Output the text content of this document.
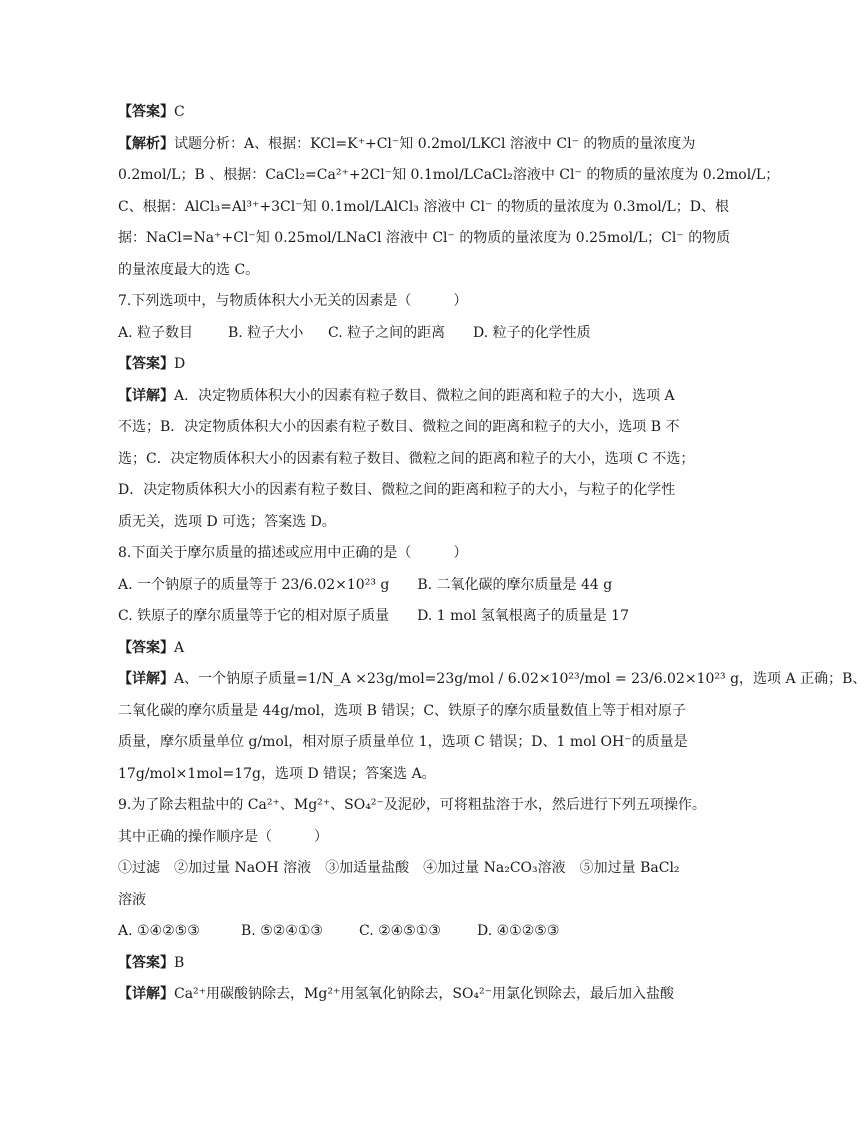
【答案】C
【解析】试题分析：A、根据：KCl=K⁺+Cl⁻知 0.2mol/LKCl 溶液中 Cl⁻ 的物质的量浓度为
0.2mol/L；B 、根据：CaCl₂=Ca²⁺+2Cl⁻知 0.1mol/LCaCl₂溶液中 Cl⁻ 的物质的量浓度为 0.2mol/L；
C、根据：AlCl₃=Al³⁺+3Cl⁻知 0.1mol/LAlCl₃ 溶液中 Cl⁻ 的物质的量浓度为 0.3mol/L；D、根
据：NaCl=Na⁺+Cl⁻知 0.25mol/LNaCl 溶液中 Cl⁻ 的物质的量浓度为 0.25mol/L；Cl⁻ 的物质
的量浓度最大的选 C。
7.下列选项中，与物质体积大小无关的因素是（　　　）
A. 粒子数目 B. 粒子大小 C. 粒子之间的距离 D. 粒子的化学性质
【答案】D
【详解】A．决定物质体积大小的因素有粒子数目、微粒之间的距离和粒子的大小，选项 A
不选；B．决定物质体积大小的因素有粒子数目、微粒之间的距离和粒子的大小，选项 B 不
选；C．决定物质体积大小的因素有粒子数目、微粒之间的距离和粒子的大小，选项 C 不选；
D．决定物质体积大小的因素有粒子数目、微粒之间的距离和粒子的大小，与粒子的化学性
质无关，选项 D 可选；答案选 D。
8.下面关于摩尔质量的描述或应用中正确的是（　　　）
A. 一个钠原子的质量等于 23/6.02×10²³ g　　B. 二氧化碳的摩尔质量是 44 g
C. 铁原子的摩尔质量等于它的相对原子质量　　D. 1 mol 氢氧根离子的质量是 17
【答案】A
【详解】A、一个钠原子质量=1/N_A ×23g/mol=23g/mol / 6.02×10²³/mol = 23/6.02×10²³ g，选项 A 正确；B、
二氧化碳的摩尔质量是 44g/mol，选项 B 错误；C、铁原子的摩尔质量数值上等于相对原子
质量，摩尔质量单位 g/mol，相对原子质量单位 1，选项 C 错误；D、1 mol OH⁻的质量是
17g/mol×1mol=17g，选项 D 错误；答案选 A。
9.为了除去粗盐中的 Ca²⁺、Mg²⁺、SO₄²⁻及泥砂，可将粗盐溶于水，然后进行下列五项操作。
其中正确的操作顺序是（　　　）
①过滤　②加过量 NaOH 溶液　③加适量盐酸　④加过量 Na₂CO₃溶液　⑤加过量 BaCl₂
溶液
A. ①④②⑤③	B. ⑤②④①③	C. ②④⑤①③	D. ④①②⑤③
【答案】B
【详解】Ca²⁺用碳酸钠除去，Mg²⁺用氢氧化钠除去，SO₄²⁻用氯化钡除去，最后加入盐酸
